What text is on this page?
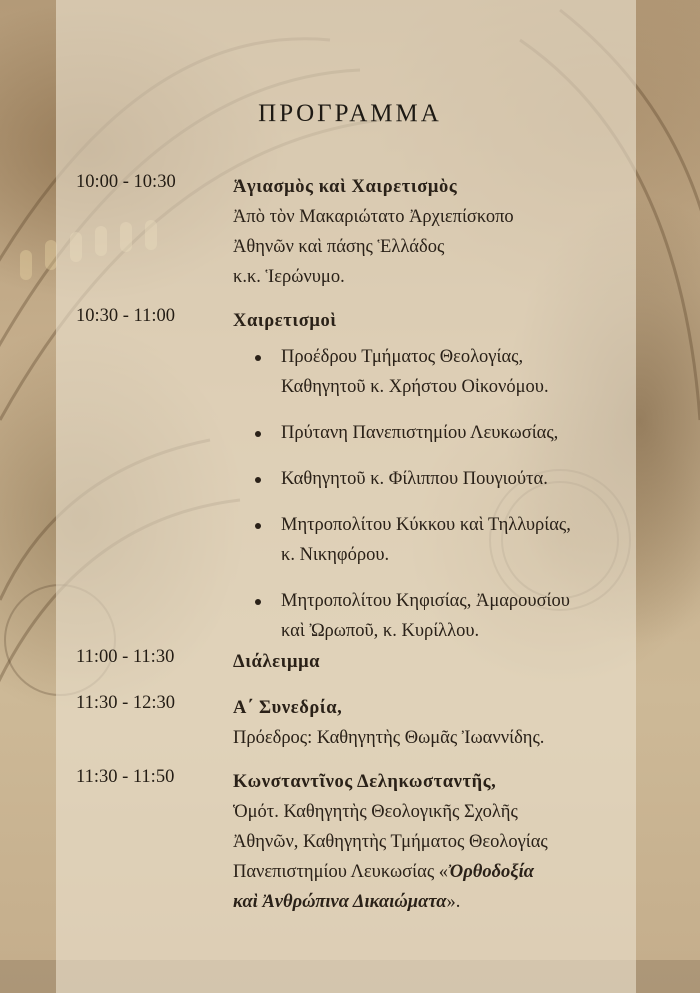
ΠΡΟΓΡΑΜΜΑ
10:00 - 10:30	Ἁγιασμὸς καὶ Χαιρετισμὸς
Ἀπὸ τὸν Μακαριώτατο Ἀρχιεπίσκοπο
Ἀθηνῶν καὶ πάσης Ἑλλάδος
κ.κ. Ἱερώνυμο.
10:30 - 11:00	Χαιρετισμοὶ
Προέδρου Τμήματος Θεολογίας,
Καθηγητοῦ κ. Χρήστου Οἰκονόμου.
Πρύτανη Πανεπιστημίου Λευκωσίας,
Καθηγητοῦ κ. Φίλιππου Πουγιούτα.
Μητροπολίτου Κύκκου καὶ Τηλλυρίας,
κ. Νικηφόρου.
Μητροπολίτου Κηφισίας, Ἀμαρουσίου
καὶ Ὠρωποῦ, κ. Κυρίλλου.
11:00 - 11:30	Διάλειμμα
11:30 - 12:30	Α΄ Συνεδρία,
Πρόεδρος: Καθηγητὴς Θωμᾶς Ἰωαννίδης.
11:30 - 11:50	Κωνσταντῖνος Δεληκωσταντῆς,
Ὁμότ. Καθηγητὴς Θεολογικῆς Σχολῆς
Ἀθηνῶν, Καθηγητὴς Τμήματος Θεολογίας
Πανεπιστημίου Λευκωσίας «Ὀρθοδοξία
καὶ Ἀνθρώπινα Δικαιώματα».
